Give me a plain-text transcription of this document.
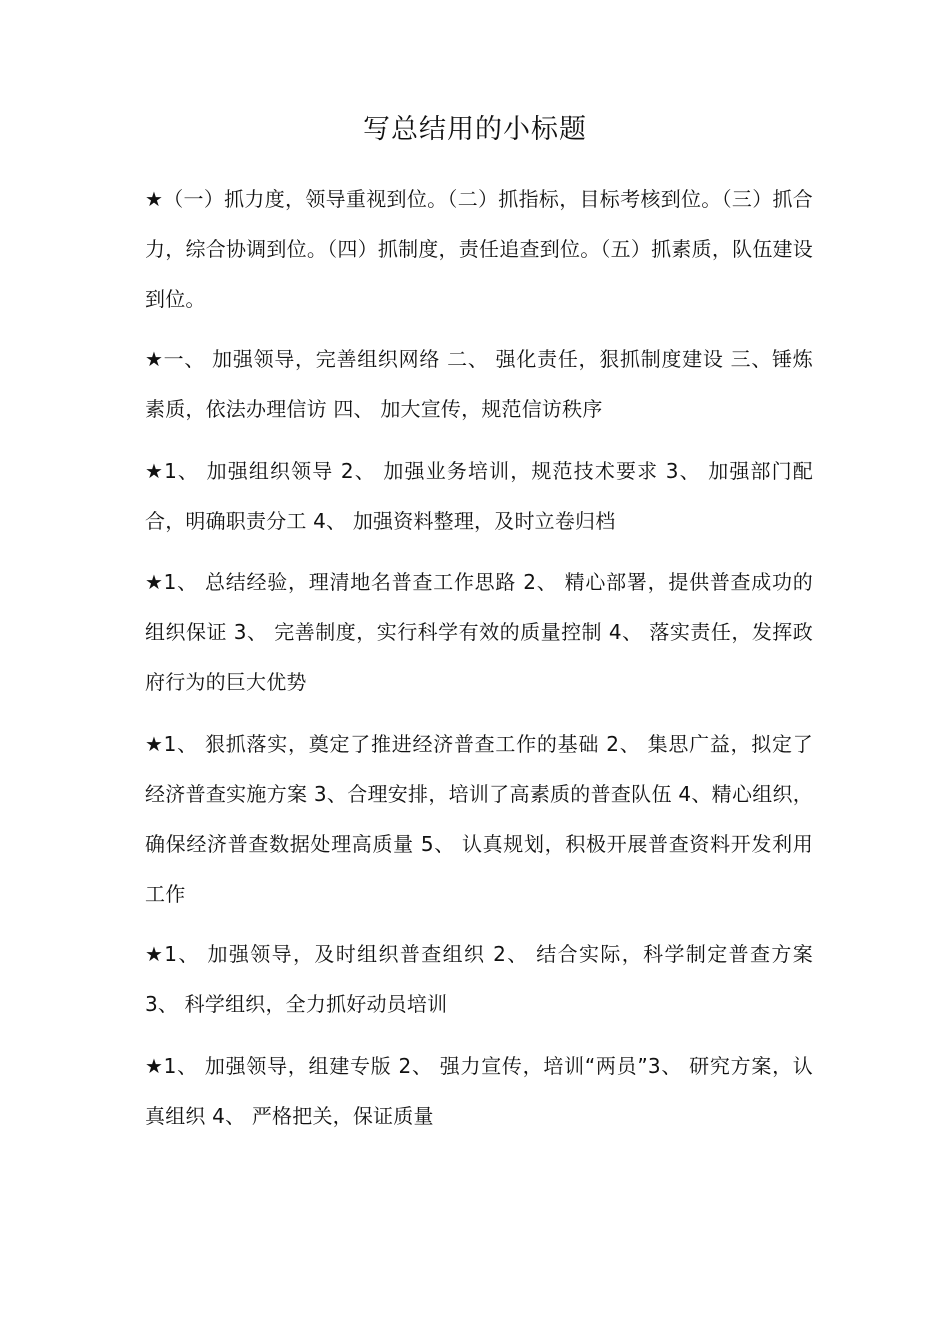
写总结用的小标题
★（一）抓力度，领导重视到位。（二）抓指标，目标考核到位。（三）抓合力，综合协调到位。（四）抓制度，责任追查到位。（五）抓素质，队伍建设到位。
★一、 加强领导，完善组织网络 二、 强化责任，狠抓制度建设 三、锤炼素质，依法办理信访 四、 加大宣传，规范信访秩序
★1、 加强组织领导 2、 加强业务培训，规范技术要求 3、 加强部门配合，明确职责分工 4、 加强资料整理，及时立卷归档
★1、 总结经验，理清地名普查工作思路 2、 精心部署，提供普查成功的组织保证 3、 完善制度，实行科学有效的质量控制 4、 落实责任，发挥政府行为的巨大优势
★1、 狠抓落实，奠定了推进经济普查工作的基础 2、 集思广益，拟定了经济普查实施方案 3、合理安排，培训了高素质的普查队伍 4、精心组织，确保经济普查数据处理高质量 5、 认真规划，积极开展普查资料开发利用工作
★1、 加强领导，及时组织普查组织 2、 结合实际，科学制定普查方案 3、 科学组织，全力抓好动员培训
★1、 加强领导，组建专版 2、 强力宣传，培训“两员”3、 研究方案，认真组织 4、 严格把关，保证质量
